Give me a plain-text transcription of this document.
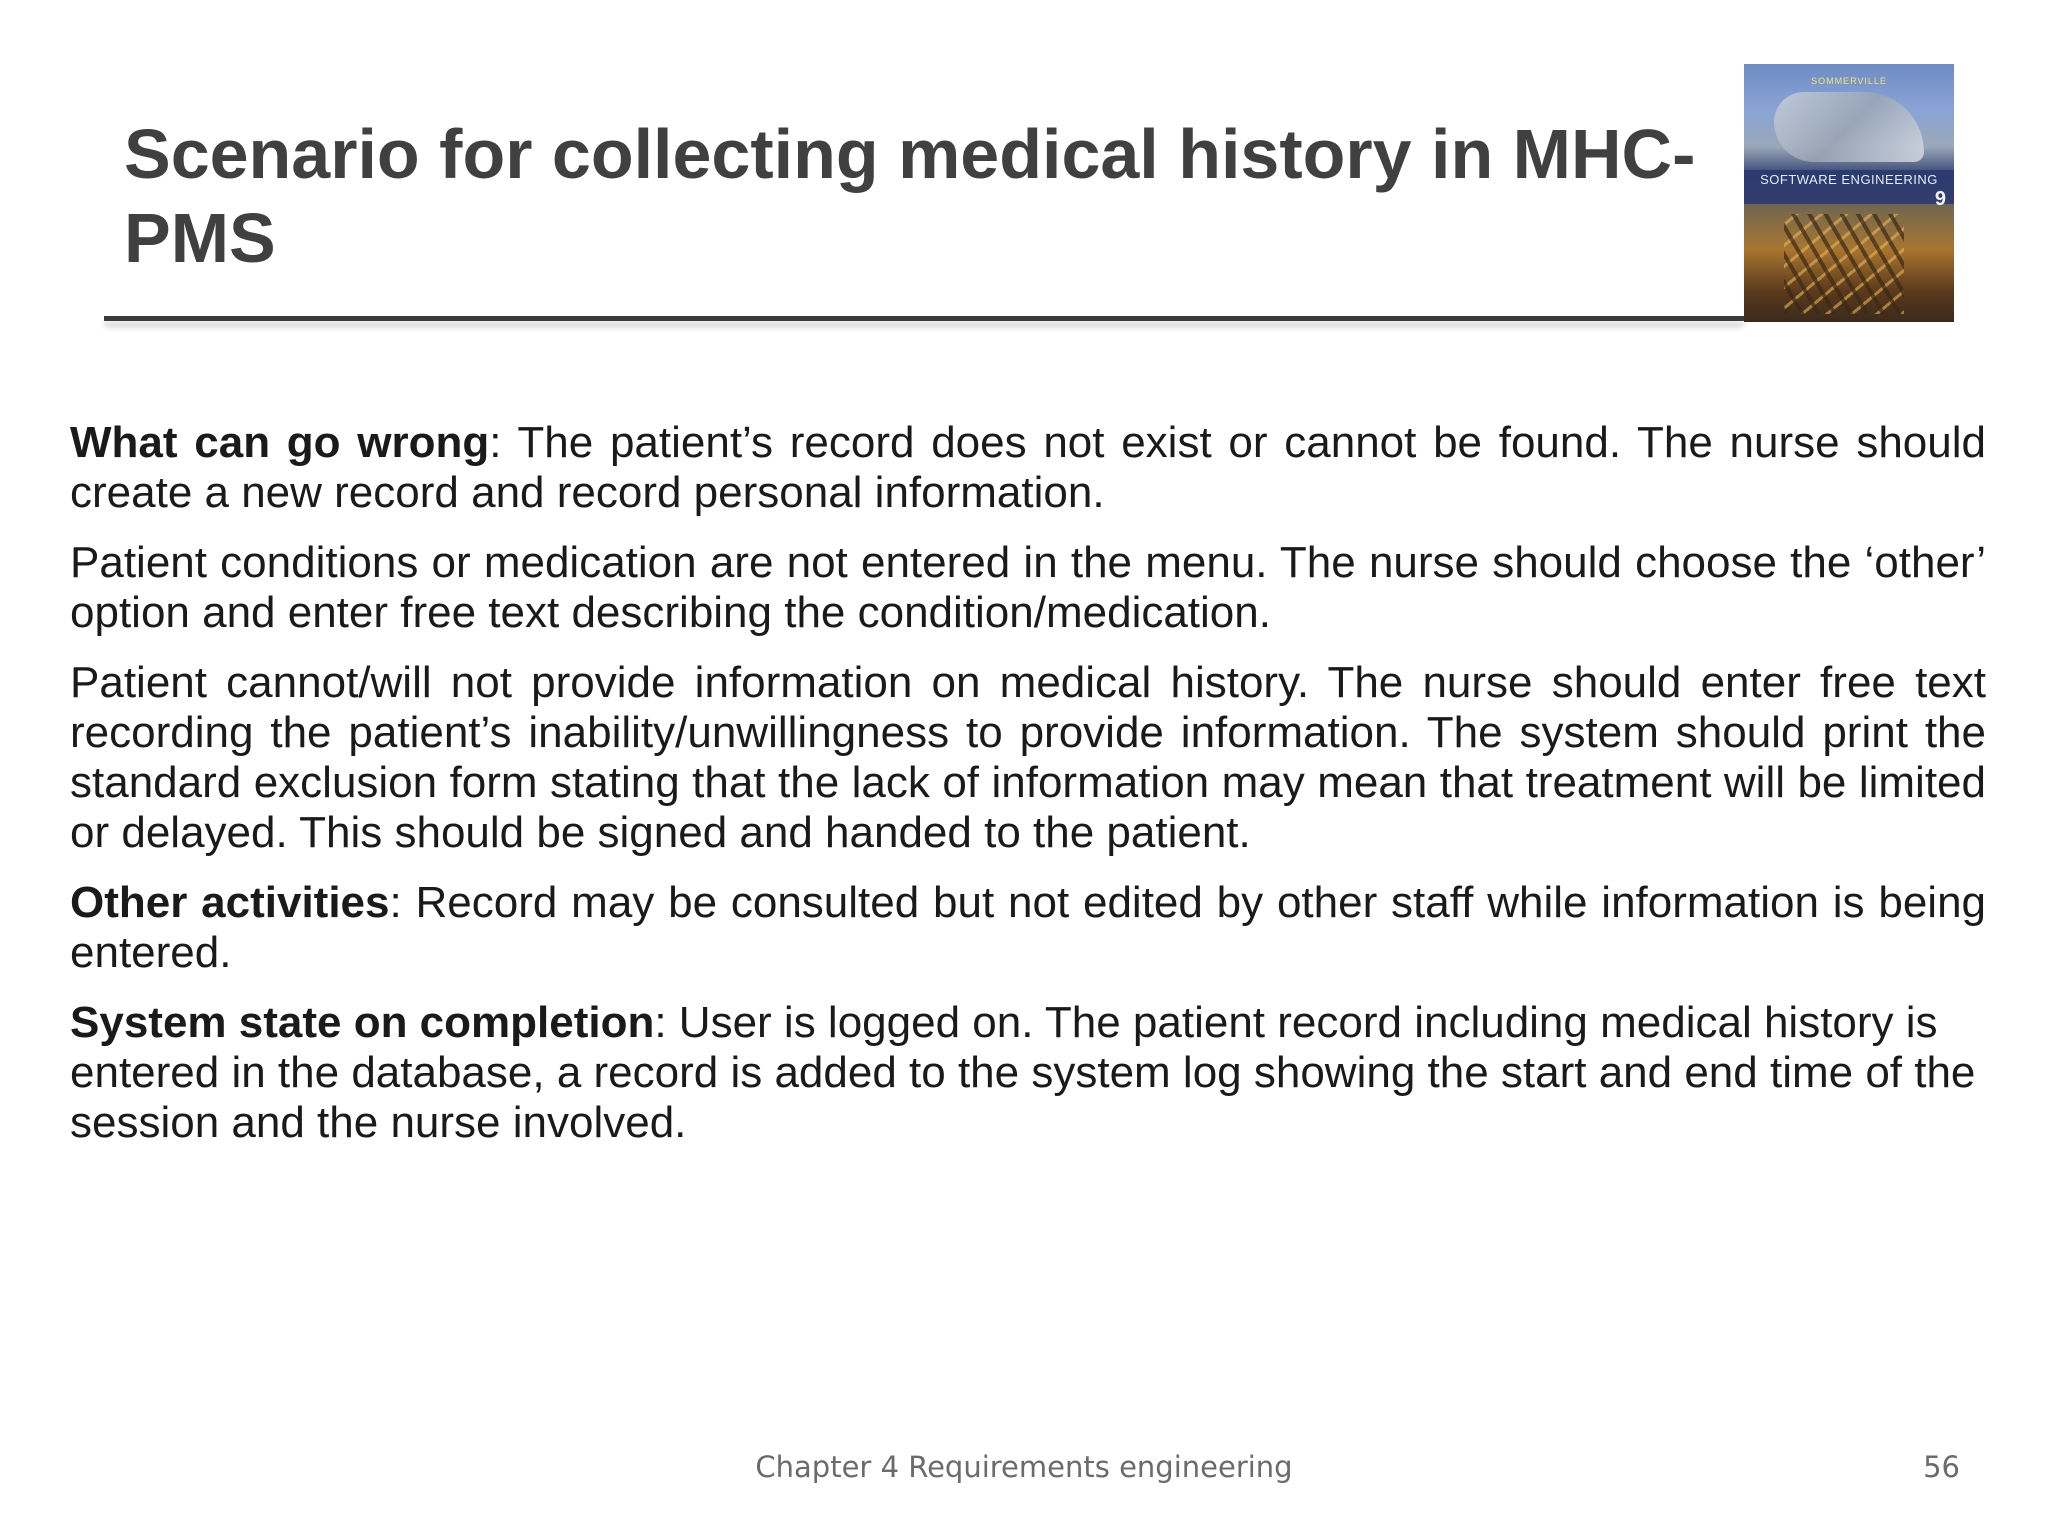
Scenario for collecting medical history in MHC-PMS
SOMMERVILLE
SOFTWARE ENGINEERING
9

What can go wrong: The patient’s record does not exist or cannot be found. The nurse should create a new record and record personal information.

Patient conditions or medication are not entered in the menu. The nurse should choose the ‘other’ option and enter free text describing the condition/medication.

Patient cannot/will not provide information on medical history. The nurse should enter free text recording the patient’s inability/unwillingness to provide information. The system should print the standard exclusion form stating that the lack of information may mean that treatment will be limited or delayed. This should be signed and handed to the patient.

Other activities: Record may be consulted but not edited by other staff while information is being entered.

System state on completion: User is logged on. The patient record including medical history is entered in the database, a record is added to the system log showing the start and end time of the session and the nurse involved.

Chapter 4 Requirements engineering	56
